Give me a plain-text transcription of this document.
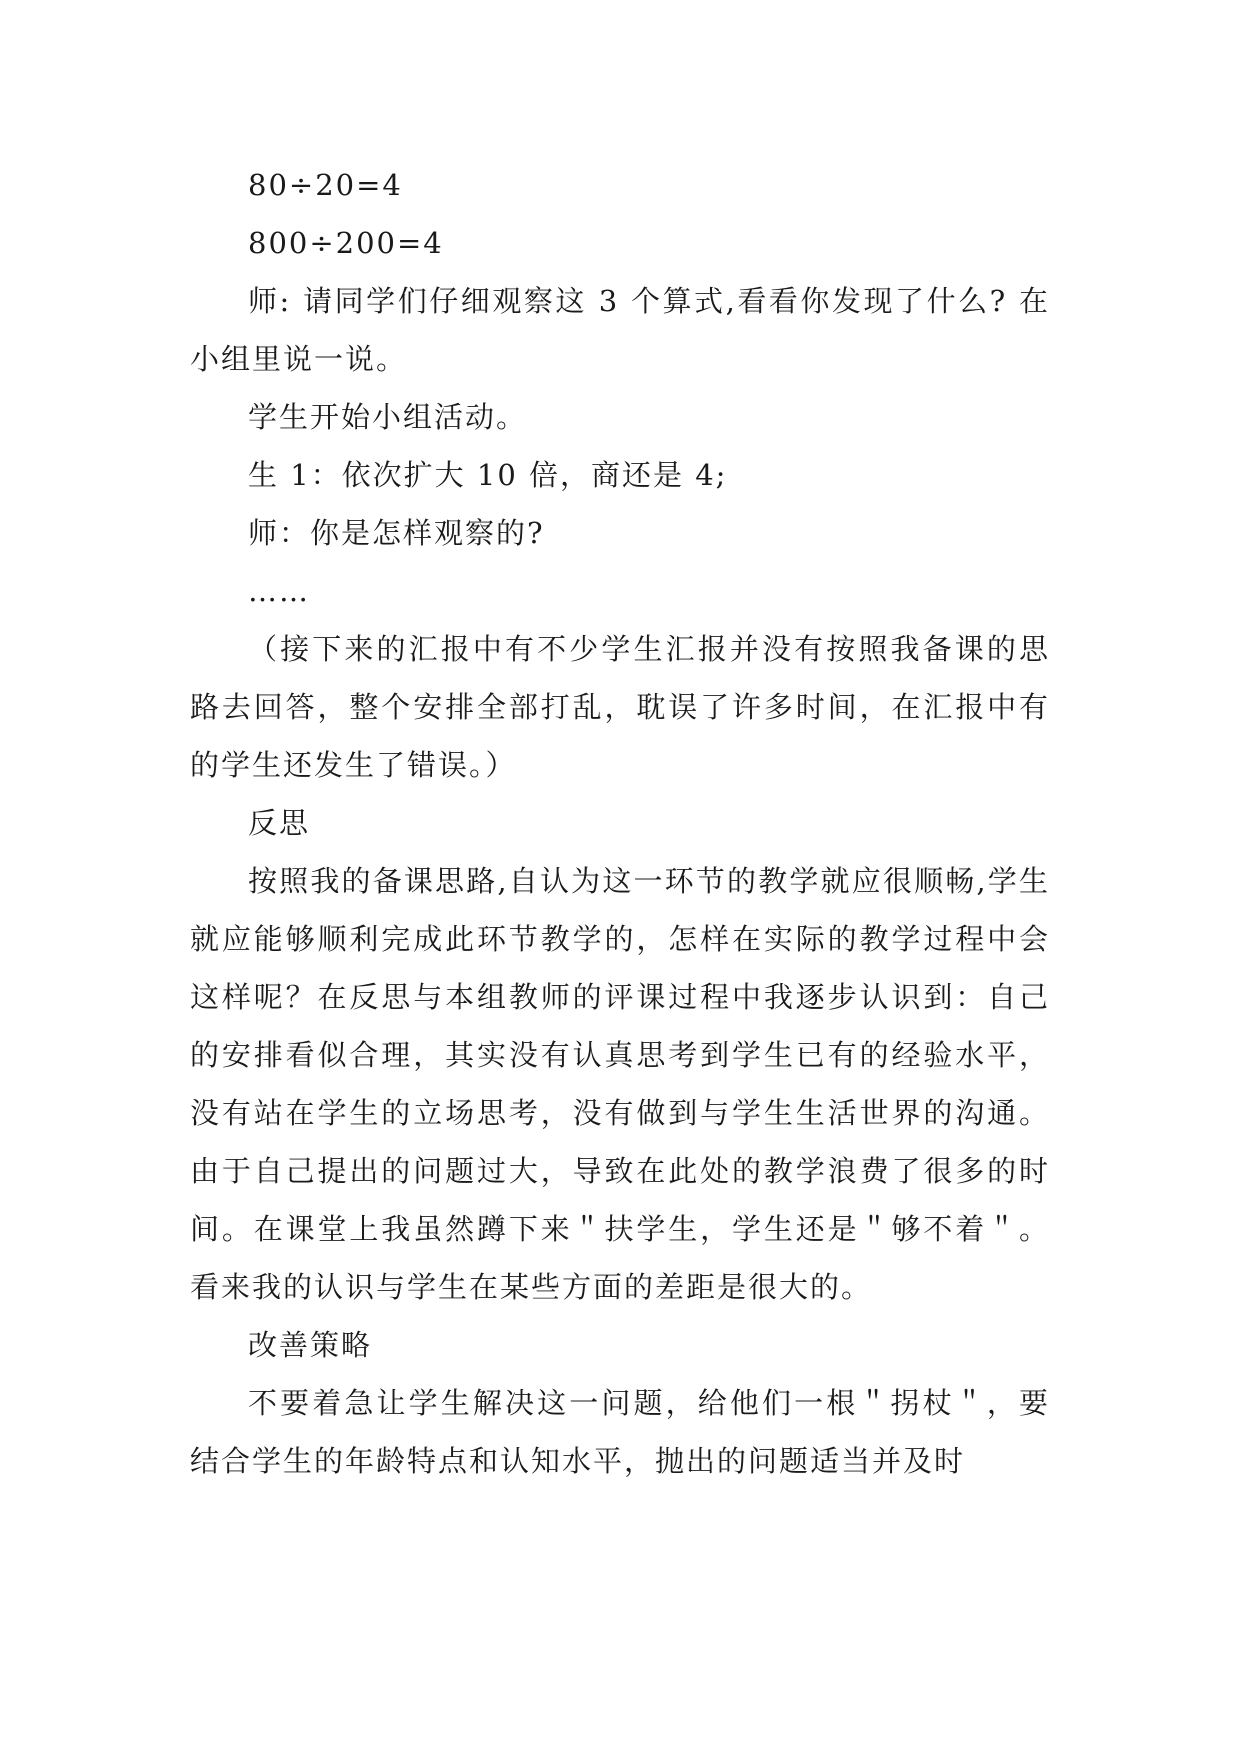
80÷20=4

800÷200=4

师: 请同学们仔细观察这 3 个算式,看看你发现了什么? 在小组里说一说。

学生开始小组活动。

生 1：依次扩大 10 倍，商还是 4;

师：你是怎样观察的?

……

（接下来的汇报中有不少学生汇报并没有按照我备课的思路去回答，整个安排全部打乱，耽误了许多时间，在汇报中有的学生还发生了错误。）

反思

按照我的备课思路,自认为这一环节的教学就应很顺畅,学生就应能够顺利完成此环节教学的，怎样在实际的教学过程中会这样呢？在反思与本组教师的评课过程中我逐步认识到：自己的安排看似合理，其实没有认真思考到学生已有的经验水平，没有站在学生的立场思考，没有做到与学生生活世界的沟通。由于自己提出的问题过大，导致在此处的教学浪费了很多的时间。在课堂上我虽然蹲下来＂扶学生，学生还是＂够不着＂。看来我的认识与学生在某些方面的差距是很大的。

改善策略

不要着急让学生解决这一问题，给他们一根＂拐杖＂，要结合学生的年龄特点和认知水平，抛出的问题适当并及时
